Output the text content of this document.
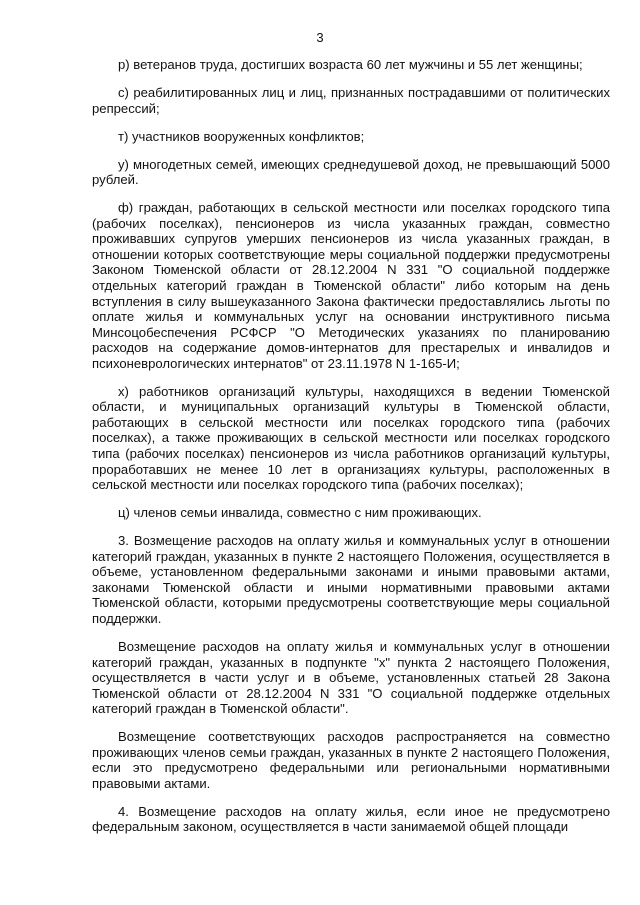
3

р) ветеранов труда, достигших возраста 60 лет мужчины и 55 лет женщины;

с) реабилитированных лиц и лиц, признанных пострадавшими от политических репрессий;

т) участников вооруженных конфликтов;

у) многодетных семей, имеющих среднедушевой доход, не превышающий 5000 рублей.

ф) граждан, работающих в сельской местности или поселках городского типа (рабочих поселках), пенсионеров из числа указанных граждан, совместно проживавших супругов умерших пенсионеров из числа указанных граждан, в отношении которых соответствующие меры социальной поддержки предусмотрены Законом Тюменской области от 28.12.2004 N 331 "О социальной поддержке отдельных категорий граждан в Тюменской области" либо которым на день вступления в силу вышеуказанного Закона фактически предоставлялись льготы по оплате жилья и коммунальных услуг на основании инструктивного письма Минсоцобеспечения РСФСР "О Методических указаниях по планированию расходов на содержание домов-интернатов для престарелых и инвалидов и психоневрологических интернатов" от 23.11.1978 N 1-165-И;

х) работников организаций культуры, находящихся в ведении Тюменской области, и муниципальных организаций культуры в Тюменской области, работающих в сельской местности или поселках городского типа (рабочих поселках), а также проживающих в сельской местности или поселках городского типа (рабочих поселках) пенсионеров из числа работников организаций культуры, проработавших не менее 10 лет в организациях культуры, расположенных в сельской местности или поселках городского типа (рабочих поселках);

ц) членов семьи инвалида, совместно с ним проживающих.

3. Возмещение расходов на оплату жилья и коммунальных услуг в отношении категорий граждан, указанных в пункте 2 настоящего Положения, осуществляется в объеме, установленном федеральными законами и иными правовыми актами, законами Тюменской области и иными нормативными правовыми актами Тюменской области, которыми предусмотрены соответствующие меры социальной поддержки.

Возмещение расходов на оплату жилья и коммунальных услуг в отношении категорий граждан, указанных в подпункте "х" пункта 2 настоящего Положения, осуществляется в части услуг и в объеме, установленных статьей 28 Закона Тюменской области от 28.12.2004 N 331 "О социальной поддержке отдельных категорий граждан в Тюменской области".

Возмещение соответствующих расходов распространяется на совместно проживающих членов семьи граждан, указанных в пункте 2 настоящего Положения, если это предусмотрено федеральными или региональными нормативными правовыми актами.

4. Возмещение расходов на оплату жилья, если иное не предусмотрено федеральным законом, осуществляется в части занимаемой общей площади
